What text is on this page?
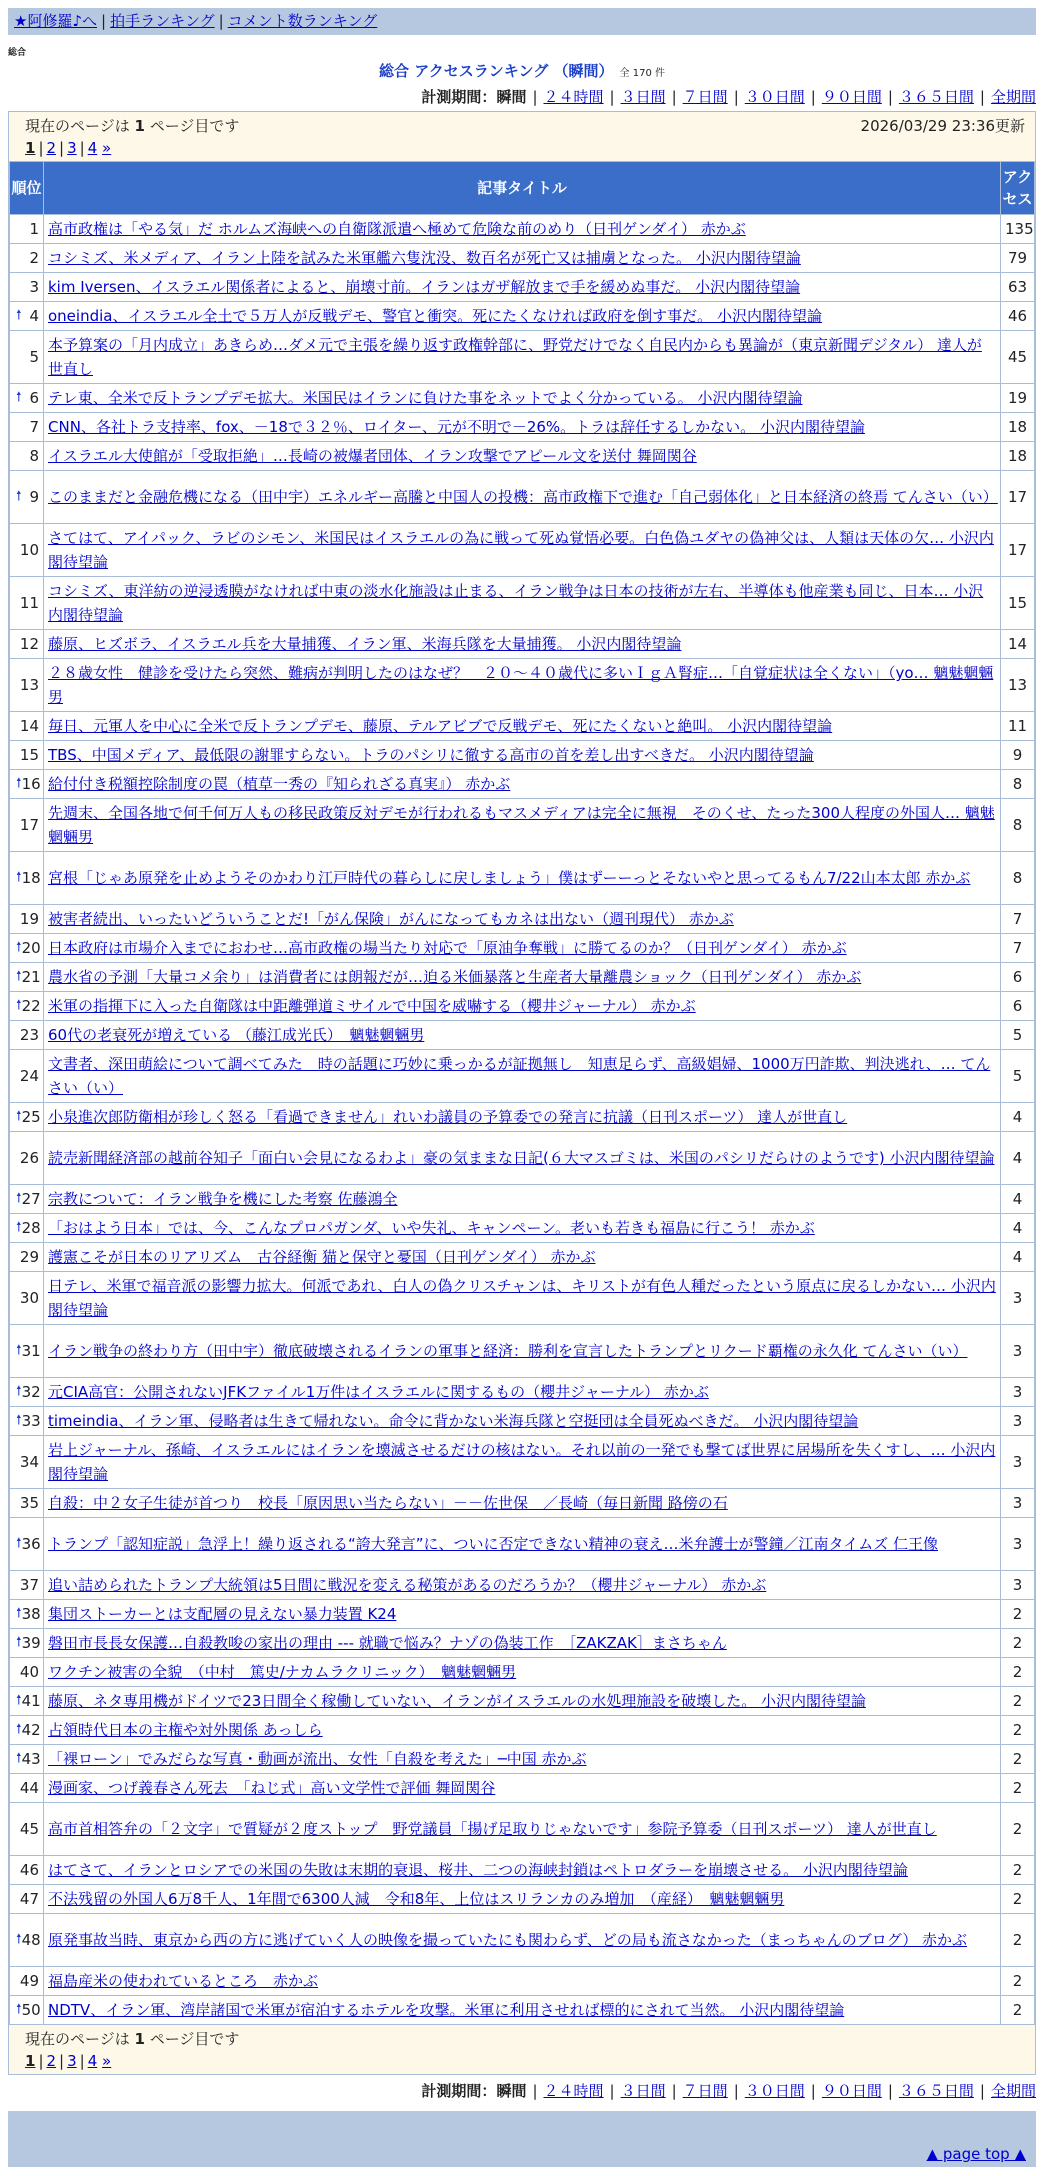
★阿修羅♪へ | 拍手ランキング | コメント数ランキング
総合
総合 アクセスランキング （瞬間） 全 170 件
計測期間：瞬間 | ２４時間 | ３日間 | ７日間 | ３０日間 | ９０日間 | ３６５日間 | 全期間
現在のページは 1 ページ目です	2026/03/29 23:36更新
1 | 2 | 3 | 4 »
順位	記事タイトル	アクセス
1	高市政権は「やる気」だ ホルムズ海峡への自衛隊派遣へ極めて危険な前のめり（日刊ゲンダイ） 赤かぶ	135
2	コシミズ、米メディア、イラン上陸を試みた米軍艦六隻沈没、数百名が死亡又は捕虜となった。 小沢内閣待望論	79
3	kim Iversen、イスラエル関係者によると、崩壊寸前。イランはガザ解放まで手を緩めぬ事だ。 小沢内閣待望論	63

🠕 4	oneindia、イスラエル全土で５万人が反戦デモ、警官と衝突。死にたくなければ政府を倒す事だ。 小沢内閣待望論	46
5	本予算案の「月内成立」あきらめ…ダメ元で主張を繰り返す政権幹部に、野党だけでなく自民内からも異論が（東京新聞デジタル） 達人が世直し	45

🠕 6	テレ東、全米で反トランプデモ拡大。米国民はイランに負けた事をネットでよく分かっている。 小沢内閣待望論	19
7	CNN、各社トラ支持率、fox、－18で３２％、ロイター、元が不明で－26%。トラは辞任するしかない。 小沢内閣待望論	18
8	イスラエル大使館が「受取拒絶」…長崎の被爆者団体、イラン攻撃でアピール文を送付 舞岡関谷	18

🠕 9	このままだと金融危機になる（田中宇）エネルギー高騰と中国人の投機：高市政権下で進む「自己弱体化」と日本経済の終焉 てんさい（い）	17
10	さてはて、アイパック、ラビのシモン、米国民はイスラエルの為に戦って死ぬ覚悟必要。白色偽ユダヤの偽神父は、人類は天体の欠… 小沢内閣待望論	17
11	コシミズ、東洋紡の逆浸透膜がなければ中東の淡水化施設は止まる、イラン戦争は日本の技術が左右、半導体も他産業も同じ、日本… 小沢内閣待望論	15
12	藤原、ヒズボラ、イスラエル兵を大量捕獲、イラン軍、米海兵隊を大量捕獲。 小沢内閣待望論	14
13	２８歳女性　健診を受けたら突然、難病が判明したのはなぜ？　２０～４０歳代に多いＩｇＡ腎症…「自覚症状は全くない」（yo… 魑魅魍魎男	13
14	毎日、元軍人を中心に全米で反トランプデモ、藤原、テルアビブで反戦デモ、死にたくないと絶叫。 小沢内閣待望論	11
15	TBS、中国メディア、最低限の謝罪すらない。トラのパシリに徹する高市の首を差し出すべきだ。 小沢内閣待望論	9

🠕 16	給付付き税額控除制度の罠（植草一秀の『知られざる真実』） 赤かぶ	8
17	先週末、全国各地で何千何万人もの移民政策反対デモが行われるもマスメディアは完全に無視　そのくせ、たった300人程度の外国人… 魑魅魍魎男	8

🠕 18	宮根「じゃあ原発を止めようそのかわり江戸時代の暮らしに戻しましょう」僕はずーーっとそないやと思ってるもん7/22山本太郎 赤かぶ	8
19	被害者続出、いったいどういうことだ!「がん保険」がんになってもカネは出ない（週刊現代） 赤かぶ	7

🠕 20	日本政府は市場介入までにおわせ…高市政権の場当たり対応で「原油争奪戦」に勝てるのか？（日刊ゲンダイ） 赤かぶ	7

🠕 21	農水省の予測「大量コメ余り」は消費者には朗報だが…迫る米価暴落と生産者大量離農ショック（日刊ゲンダイ） 赤かぶ	6

🠕 22	米軍の指揮下に入った自衛隊は中距離弾道ミサイルで中国を威嚇する（櫻井ジャーナル） 赤かぶ	6
23	60代の老衰死が増えている （藤江成光氏）　魑魅魍魎男	5
24	文書者、深田萌絵について調べてみた　時の話題に巧妙に乗っかるが証拠無し　知恵足らず、高級娼婦、1000万円詐欺、判決逃れ、… てんさい（い）	5

🠕 25	小泉進次郎防衛相が珍しく怒る「看過できません」れいわ議員の予算委での発言に抗議（日刊スポーツ） 達人が世直し	4
26	読売新聞経済部の越前谷知子「面白い会見になるわよ」豪の気ままな日記(６大マスゴミは、米国のパシリだらけのようです) 小沢内閣待望論	4

🠕 27	宗教について：イラン戦争を機にした考察 佐藤鴻全	4

🠕 28	「おはよう日本」では、今、こんなプロパガンダ、いや失礼、キャンペーン。老いも若きも福島に行こう！ 赤かぶ	4
29	護憲こそが日本のリアリズム　古谷経衡 猫と保守と憂国（日刊ゲンダイ） 赤かぶ	4
30	日テレ、米軍で福音派の影響力拡大。何派であれ、白人の偽クリスチャンは、キリストが有色人種だったという原点に戻るしかない… 小沢内閣待望論	3

🠕 31	イラン戦争の終わり方（田中宇）徹底破壊されるイランの軍事と経済：勝利を宣言したトランプとリクード覇権の永久化 てんさい（い）	3

🠕 32	元CIA高官：公開されないJFKファイル1万件はイスラエルに関するもの（櫻井ジャーナル） 赤かぶ	3

🠕 33	timeindia、イラン軍、侵略者は生きて帰れない。命令に背かない米海兵隊と空挺団は全員死ぬべきだ。 小沢内閣待望論	3
34	岩上ジャーナル、孫崎、イスラエルにはイランを壊滅させるだけの核はない。それ以前の一発でも撃てば世界に居場所を失くすし、… 小沢内閣待望論	3
35	自殺：中２女子生徒が首つり　校長「原因思い当たらない」－－佐世保　／長崎（毎日新聞 路傍の石	3

🠕 36	トランプ「認知症説」急浮上！繰り返される“誇大発言”に、ついに否定できない精神の衰え…米弁護士が警鐘／江南タイムズ 仁王像	3
37	追い詰められたトランプ大統領は5日間に戦況を変える秘策があるのだろうか？（櫻井ジャーナル） 赤かぶ	3

🠕 38	集団ストーカーとは支配層の見えない暴力装置 K24	2

🠕 39	磐田市長長女保護…自殺教唆の家出の理由 --- 就職で悩み？ナゾの偽装工作　［ZAKZAK］まさちゃん	2
40	ワクチン被害の全貌　（中村　篤史/ナカムラクリニック）　魑魅魍魎男	2

🠕 41	藤原、ネタ専用機がドイツで23日間全く稼働していない、イランがイスラエルの水処理施設を破壊した。 小沢内閣待望論	2

🠕 42	占領時代日本の主権や対外関係 あっしら	2

🠕 43	「裸ローン」でみだらな写真・動画が流出、女性「自殺を考えた」─中国 赤かぶ	2
44	漫画家、つげ義春さん死去　「ねじ式」高い文学性で評価 舞岡関谷	2
45	高市首相答弁の「２文字」で質疑が２度ストップ　野党議員「揚げ足取りじゃないです」参院予算委（日刊スポーツ） 達人が世直し	2
46	はてさて、イランとロシアでの米国の失敗は末期的衰退、桜井、二つの海峡封鎖はペトロダラーを崩壊させる。 小沢内閣待望論	2
47	不法残留の外国人6万8千人、1年間で6300人減　令和8年、上位はスリランカのみ増加　（産経）　魑魅魍魎男	2

🠕 48	原発事故当時、東京から西の方に逃げていく人の映像を撮っていたにも関わらず、どの局も流さなかった（まっちゃんのブログ） 赤かぶ	2
49	福島産米の使われているところ　赤かぶ	2

🠕 50	NDTV、イラン軍、湾岸諸国で米軍が宿泊するホテルを攻撃。米軍に利用させれば標的にされて当然。 小沢内閣待望論	2
現在のページは 1 ページ目です
1 | 2 | 3 | 4 »
計測期間：瞬間 | ２４時間 | ３日間 | ７日間 | ３０日間 | ９０日間 | ３６５日間 | 全期間
▲ page top ▲
